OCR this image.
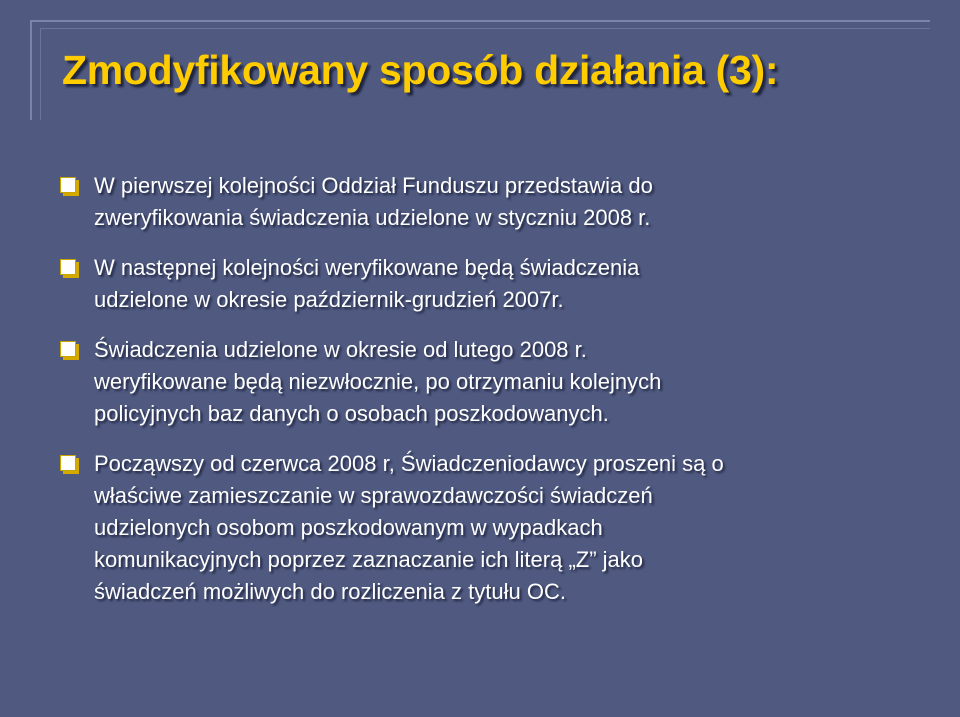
Zmodyfikowany sposób działania (3):
W pierwszej kolejności Oddział Funduszu przedstawia do
zweryfikowania świadczenia udzielone w styczniu 2008 r.
W następnej kolejności weryfikowane będą świadczenia
udzielone w okresie październik-grudzień 2007r.
Świadczenia udzielone w okresie od lutego 2008 r.
weryfikowane będą niezwłocznie, po otrzymaniu kolejnych
policyjnych baz danych o osobach poszkodowanych.
Począwszy od czerwca 2008 r, Świadczeniodawcy proszeni są o
właściwe zamieszczanie w sprawozdawczości świadczeń
udzielonych osobom poszkodowanym w wypadkach
komunikacyjnych poprzez zaznaczanie ich literą „Z” jako
świadczeń możliwych do rozliczenia z tytułu OC.
